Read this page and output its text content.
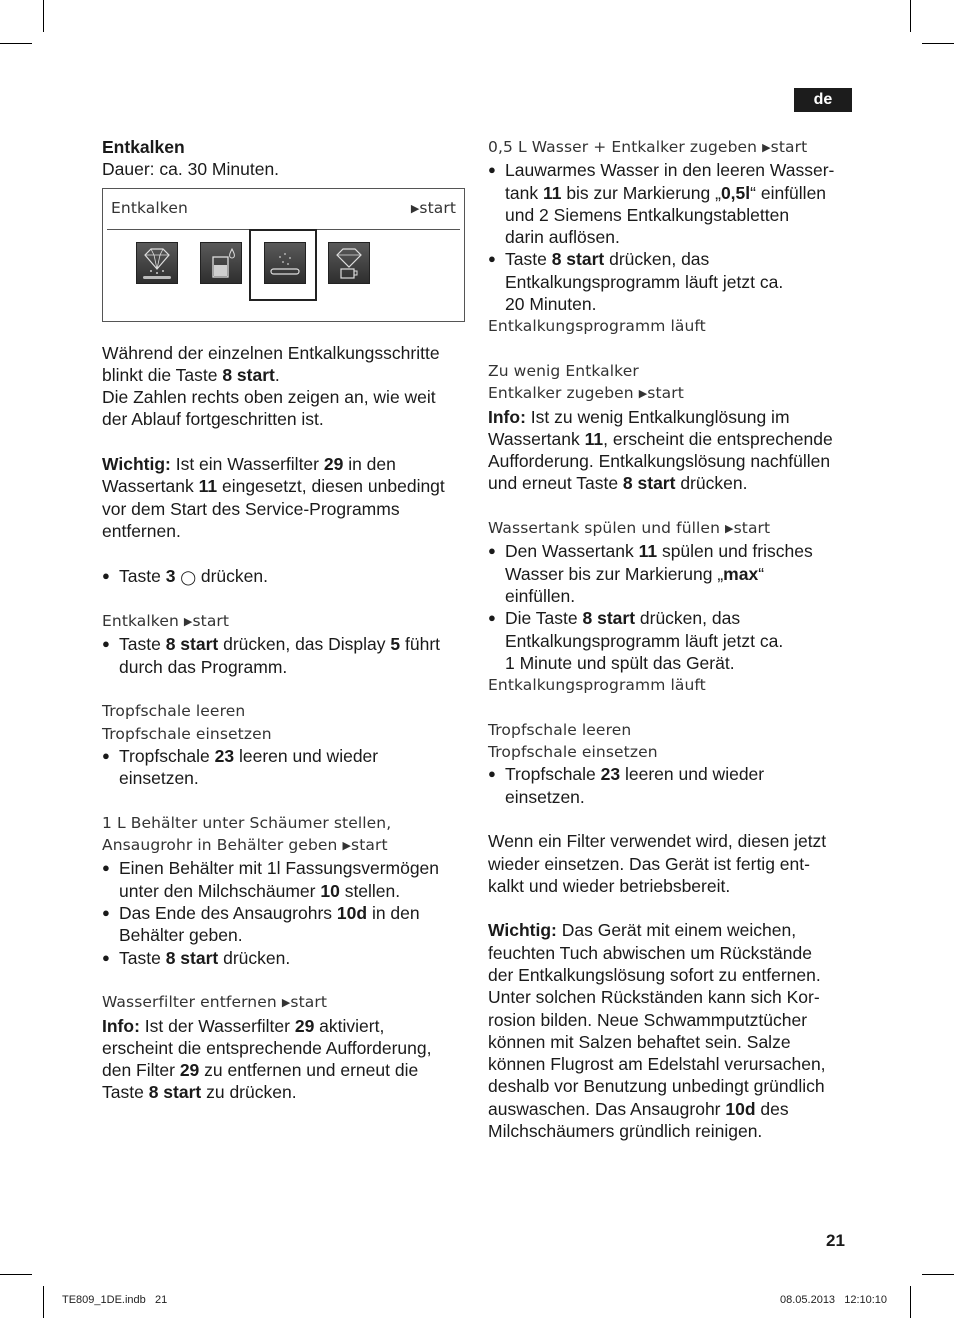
de

Entkalken

Dauer: ca. 30 Minuten.

Entkalken	▶start

Während der einzelnen Entkalkungsschritte
blinkt die Taste 8 start.

Die Zahlen rechts oben zeigen an, wie weit
der Ablauf fortgeschritten ist.

Wichtig: Ist ein Wasserfilter 29 in den
Wassertank 11 eingesetzt, diesen unbedingt
vor dem Start des Service-Programms
entfernen.

● Taste 3 ◯ drücken.

Entkalken ▶start

● Taste 8 start drücken, das Display 5 führt
durch das Programm.

Tropfschale leeren

Tropfschale einsetzen

● Tropfschale 23 leeren und wieder
einsetzen.

1 L Behälter unter Schäumer stellen,

Ansaugrohr in Behälter geben ▶start

● Einen Behälter mit 1l Fassungsvermögen
unter den Milchschäumer 10 stellen.

● Das Ende des Ansaugrohrs 10d in den
Behälter geben.

● Taste 8 start drücken.

Wasserfilter entfernen ▶start

Info: Ist der Wasserfilter 29 aktiviert,
erscheint die entsprechende Aufforderung,
den Filter 29 zu entfernen und erneut die
Taste 8 start zu drücken.

0,5 L Wasser + Entkalker zugeben ▶start

● Lauwarmes Wasser in den leeren Wasser-
tank 11 bis zur Markierung „0,5l“ einfüllen
und 2 Siemens Entkalkungstabletten
darin auflösen.

● Taste 8 start drücken, das
Entkalkungsprogramm läuft jetzt ca.
20 Minuten.

Entkalkungsprogramm läuft

Zu wenig Entkalker

Entkalker zugeben ▶start

Info: Ist zu wenig Entkalkunglösung im
Wassertank 11, erscheint die entsprechende
Aufforderung. Entkalkungslösung nachfüllen
und erneut Taste 8 start drücken.

Wassertank spülen und füllen ▶start

● Den Wassertank 11 spülen und frisches
Wasser bis zur Markierung „max“
einfüllen.

● Die Taste 8 start drücken, das
Entkalkungsprogramm läuft jetzt ca.
1 Minute und spült das Gerät.

Entkalkungsprogramm läuft

Tropfschale leeren

Tropfschale einsetzen

● Tropfschale 23 leeren und wieder
einsetzen.

Wenn ein Filter verwendet wird, diesen jetzt
wieder einsetzen. Das Gerät ist fertig ent-
kalkt und wieder betriebsbereit.

Wichtig: Das Gerät mit einem weichen,
feuchten Tuch abwischen um Rückstände
der Entkalkungslösung sofort zu entfernen.
Unter solchen Rückständen kann sich Kor-
rosion bilden. Neue Schwammputztücher
können mit Salzen behaftet sein. Salze
können Flugrost am Edelstahl verursachen,
deshalb vor Benutzung unbedingt gründlich
auswaschen. Das Ansaugrohr 10d des
Milchschäumers gründlich reinigen.

21
TE809_1DE.indb   21	08.05.2013   12:10:10
